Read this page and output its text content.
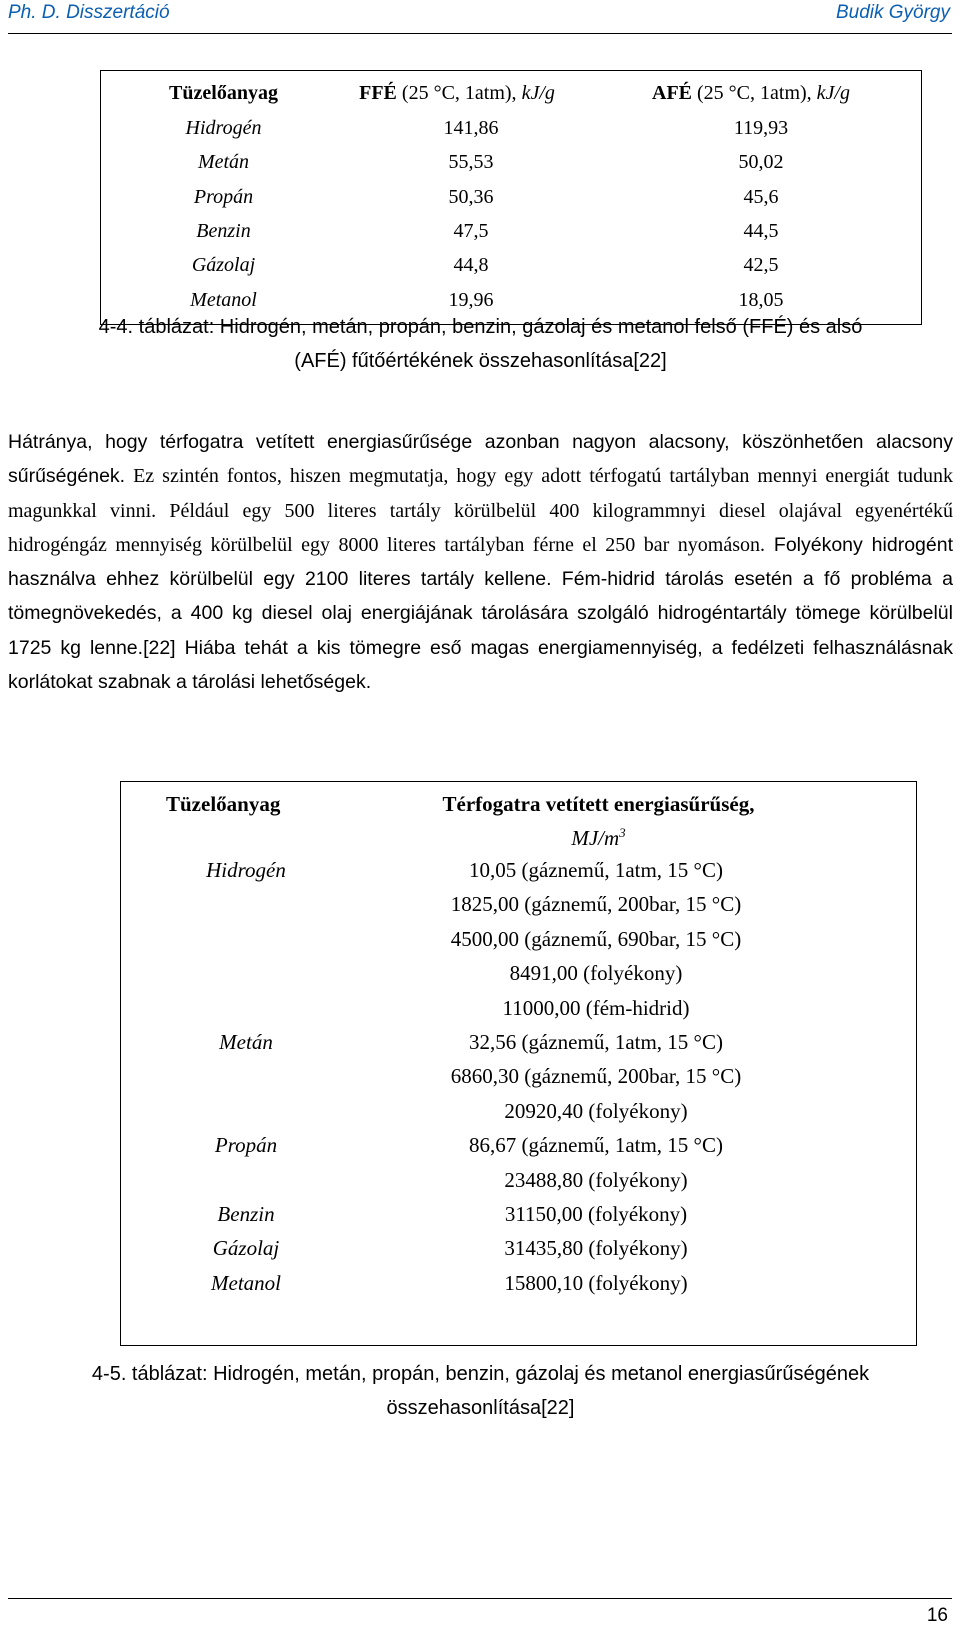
Ph. D. Disszertáció	Budik György
Tüzelőanyag	FFÉ (25 °C, 1atm), kJ/g	AFÉ (25 °C, 1atm), kJ/g
Hidrogén	141,86	119,93
Metán	55,53	50,02
Propán	50,36	45,6
Benzin	47,5	44,5
Gázolaj	44,8	42,5
Metanol	19,96	18,05
4-4. táblázat: Hidrogén, metán, propán, benzin, gázolaj és metanol felső (FFÉ) és alsó
(AFÉ) fűtőértékének összehasonlítása[22]
Hátránya, hogy térfogatra vetített energiasűrűsége azonban nagyon alacsony, köszönhetően alacsony sűrűségének. Ez szintén fontos, hiszen megmutatja, hogy egy adott térfogatú tartályban mennyi energiát tudunk magunkkal vinni. Például egy 500 literes tartály körülbelül 400 kilogrammnyi diesel olajával egyenértékű hidrogéngáz mennyiség körülbelül egy 8000 literes tartályban férne el 250 bar nyomáson. Folyékony hidrogént használva ehhez körülbelül egy 2100 literes tartály kellene. Fém-hidrid tárolás esetén a fő probléma a tömegnövekedés, a 400 kg diesel olaj energiájának tárolására szolgáló hidrogéntartály tömege körülbelül 1725 kg lenne.[22] Hiába tehát a kis tömegre eső magas energiamennyiség, a fedélzeti felhasználásnak korlátokat szabnak a tárolási lehetőségek.
Tüzelőanyag	Térfogatra vetített energiasűrűség,
$MJ/m^3$
Hidrogén	10,05 (gáznemű, 1atm, 15 °C)
1825,00 (gáznemű, 200bar, 15 °C)
4500,00 (gáznemű, 690bar, 15 °C)
8491,00 (folyékony)
11000,00 (fém-hidrid)
Metán	32,56 (gáznemű, 1atm, 15 °C)
6860,30 (gáznemű, 200bar, 15 °C)
20920,40 (folyékony)
Propán	86,67 (gáznemű, 1atm, 15 °C)
23488,80 (folyékony)
Benzin	31150,00 (folyékony)
Gázolaj	31435,80 (folyékony)
Metanol	15800,10 (folyékony)
4-5. táblázat: Hidrogén, metán, propán, benzin, gázolaj és metanol energiasűrűségének
összehasonlítása[22]
16
